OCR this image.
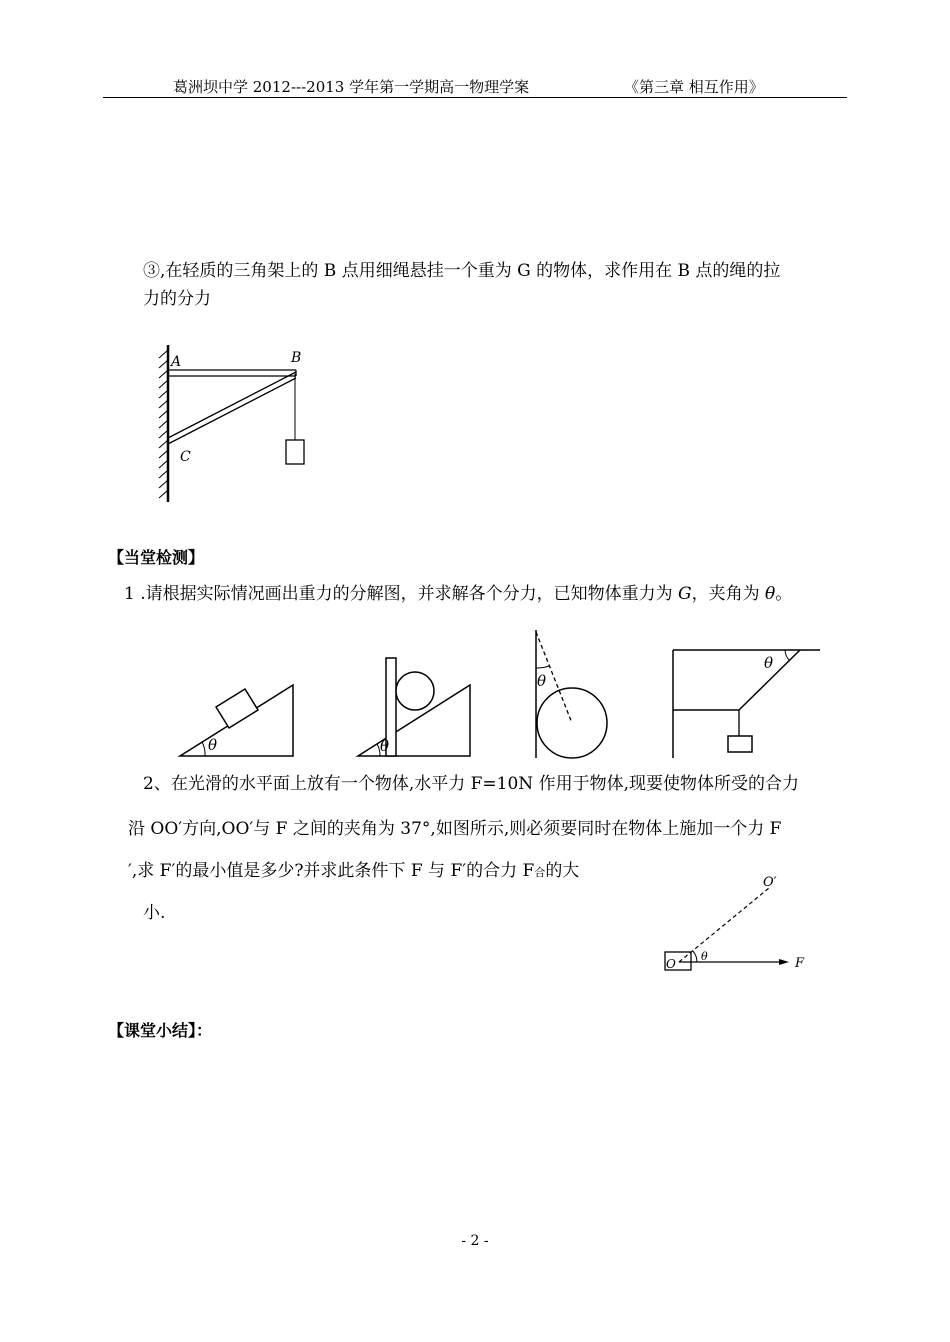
葛洲坝中学 2012---2013 学年第一学期高一物理学案	《第三章 相互作用》
③,在轻质的三角架上的 B 点用细绳悬挂一个重为 G 的物体，求作用在 B 点的绳的拉
力的分力
A	B
C
【当堂检测】
1 .请根据实际情况画出重力的分解图，并求解各个分力，已知物体重力为 G，夹角为 θ。
θ	θ
θ
θ
2、在光滑的水平面上放有一个物体,水平力 F=10N 作用于物体,现要使物体所受的合力
沿 OO′方向,OO′与 F 之间的夹角为 37°,如图所示,则必须要同时在物体上施加一个力 F
′,求 F′的最小值是多少?并求此条件下 F 与 F′的合力 F合的大
小.
O′
O
θ	F
【课堂小结】：
- 2 -
